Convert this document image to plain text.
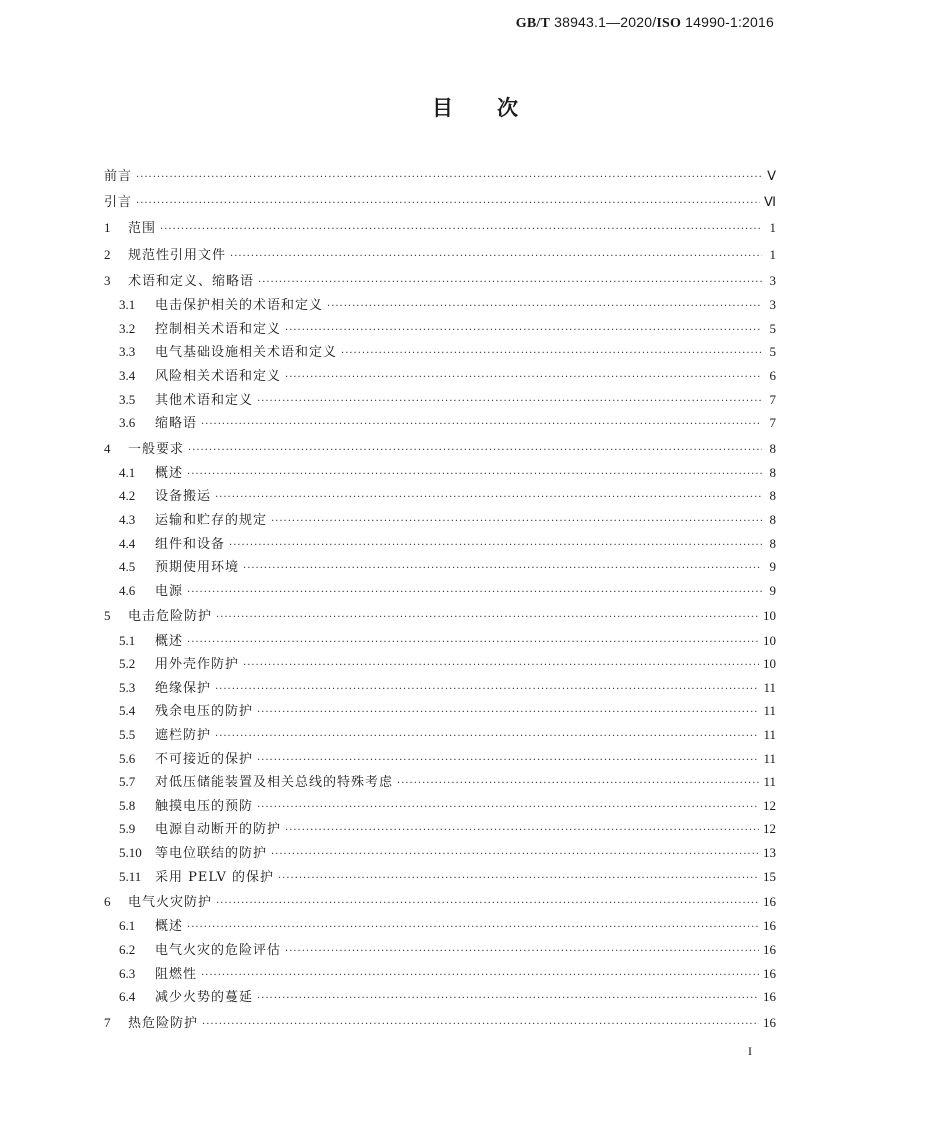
GB/T 38943.1—2020/ISO 14990-1:2016
目次
前言 ·····	Ⅴ
引言 ·····	Ⅵ
1	范围 ·····	1
2	规范性引用文件 ·····	1
3	术语和定义、缩略语 ·····	3
3.1	电击保护相关的术语和定义 ·····	3
3.2	控制相关术语和定义 ·····	5
3.3	电气基础设施相关术语和定义 ·····	5
3.4	风险相关术语和定义 ·····	6
3.5	其他术语和定义 ·····	7
3.6	缩略语 ·····	7
4	一般要求 ·····	8
4.1	概述 ·····	8
4.2	设备搬运 ·····	8
4.3	运输和贮存的规定 ·····	8
4.4	组件和设备 ·····	8
4.5	预期使用环境 ·····	9
4.6	电源 ·····	9
5	电击危险防护 ·····	10
5.1	概述 ·····	10
5.2	用外壳作防护 ·····	10
5.3	绝缘保护 ·····	11
5.4	残余电压的防护 ·····	11
5.5	遮栏防护 ·····	11
5.6	不可接近的保护 ·····	11
5.7	对低压储能装置及相关总线的特殊考虑 ·····	11
5.8	触摸电压的预防 ·····	12
5.9	电源自动断开的防护 ·····	12
5.10	等电位联结的防护 ·····	13
5.11	采用 PELV 的保护 ·····	15
6	电气火灾防护 ·····	16
6.1	概述 ·····	16
6.2	电气火灾的危险评估 ·····	16
6.3	阻燃性 ·····	16
6.4	减少火势的蔓延 ·····	16
7	热危险防护 ·····	16
I
